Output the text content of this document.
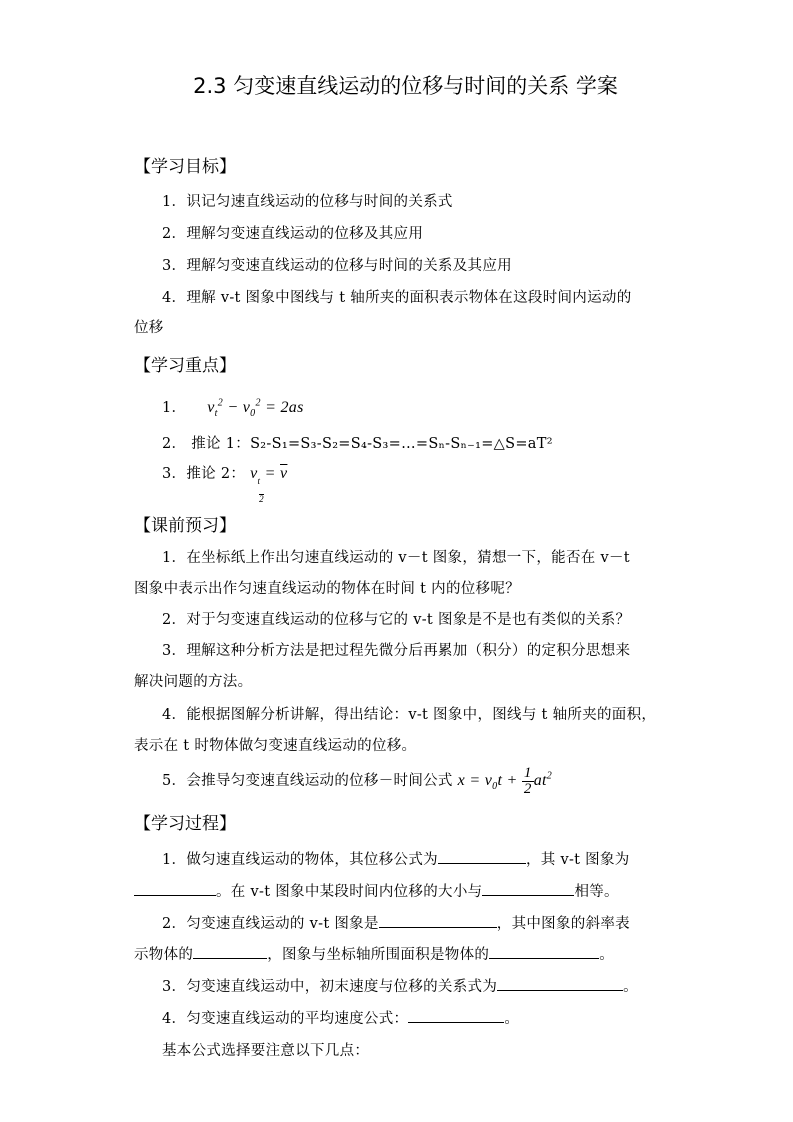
2.3 匀变速直线运动的位移与时间的关系 学案
【学习目标】
1．识记匀速直线运动的位移与时间的关系式
2．理解匀变速直线运动的位移及其应用
3．理解匀变速直线运动的位移与时间的关系及其应用
4．理解 v-t 图象中图线与 t 轴所夹的面积表示物体在这段时间内运动的
位移
【学习重点】
1． $v_t^2 - v_0^2 = 2as$
2． 推论 1：S₂-S₁=S₃-S₂=S₄-S₃=…=Sₙ-Sₙ₋₁=△S=aT²
3．推论 2： $v_t$

2
= $\overline{v}$
【课前预习】
1．在坐标纸上作出匀速直线运动的 v－t 图象，猜想一下，能否在 v－t
图象中表示出作匀速直线运动的物体在时间 t 内的位移呢？
2．对于匀变速直线运动的位移与它的 v-t 图象是不是也有类似的关系？
3．理解这种分析方法是把过程先微分后再累加（积分）的定积分思想来
解决问题的方法。
4．能根据图解分析讲解，得出结论：v-t 图象中，图线与 t 轴所夹的面积，
表示在 t 时物体做匀变速直线运动的位移。
5．会推导匀变速直线运动的位移－时间公式 $x = v_0t + \frac{1}{2} at^2$
【学习过程】
1．做匀速直线运动的物体，其位移公式为	，其 v-t 图象为
。在 v-t 图象中某段时间内位移的大小与	相等。
2．匀变速直线运动的 v-t 图象是	，其中图象的斜率表
示物体的	，图象与坐标轴所围面积是物体的	。
3．匀变速直线运动中，初末速度与位移的关系式为	。
4．匀变速直线运动的平均速度公式：	。
基本公式选择要注意以下几点：
